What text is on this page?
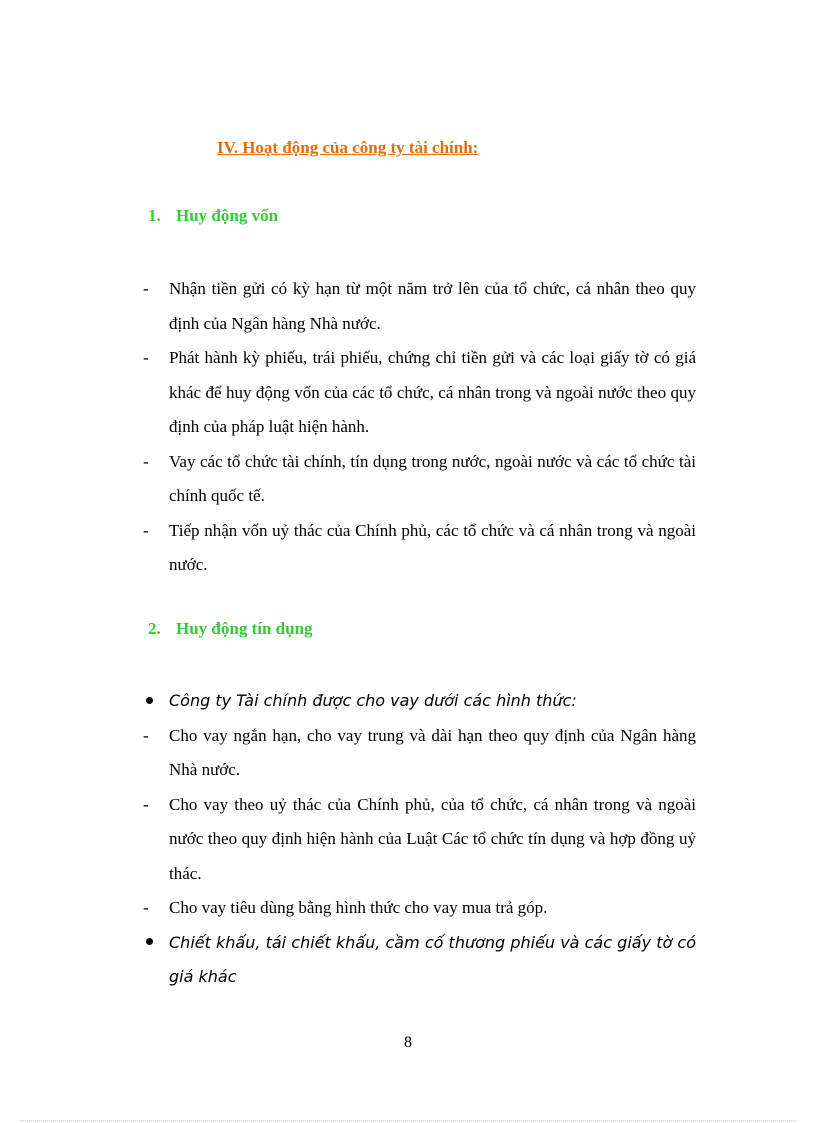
IV. Hoạt động của công ty tài chính:
1. Huy động vốn
-	Nhận tiền gửi có kỳ hạn từ một năm trở lên của tổ chức, cá nhân theo quy định của Ngân hàng Nhà nước.
-	Phát hành kỳ phiếu, trái phiếu, chứng chỉ tiền gửi và các loại giấy tờ có giá khác để huy động vốn của các tổ chức, cá nhân trong và ngoài nước theo quy định của pháp luật hiện hành.
-	Vay các tổ chức tài chính, tín dụng trong nước, ngoài nước và các tổ chức tài chính quốc tế.
-	Tiếp nhận vốn uỷ thác của Chính phủ, các tổ chức và cá nhân trong và ngoài nước.
2. Huy động tín dụng
Công ty Tài chính được cho vay dưới các hình thức:
-	Cho vay ngắn hạn, cho vay trung và dài hạn theo quy định của Ngân hàng Nhà nước.
-	Cho vay theo uỷ thác của Chính phủ, của tổ chức, cá nhân trong và ngoài nước theo quy định hiện hành của Luật Các tổ chức tín dụng và hợp đồng uỷ thác.
-	Cho vay tiêu dùng bằng hình thức cho vay mua trả góp.
Chiết khấu, tái chiết khấu, cầm cố thương phiếu và các giấy tờ có giá khác
8
